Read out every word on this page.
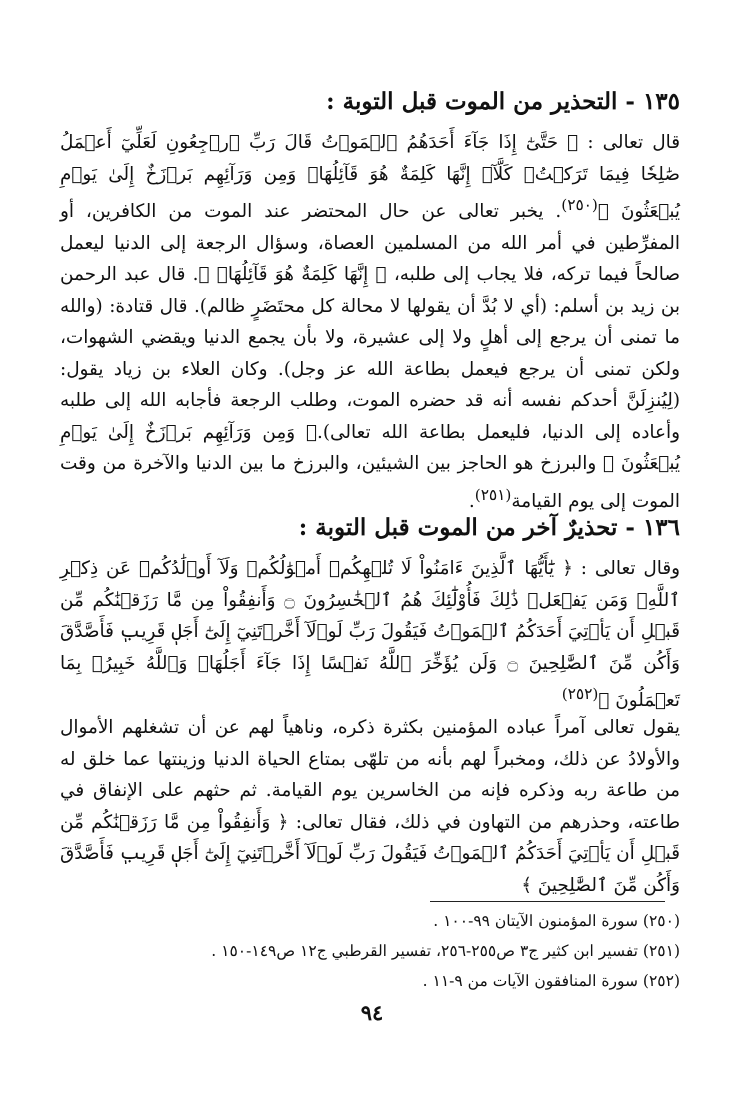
١٣٥ - التحذير من الموت قبل التوبة :

قال تعالى : ﴿ حَتَّىٰٓ إِذَا جَآءَ أَحَدَهُمُ ٱلۡمَوۡتُ قَالَ رَبِّ ٱرۡجِعُونِ لَعَلِّيٓ أَعۡمَلُ صَٰلِحٗا فِيمَا تَرَكۡتُۚ كَلَّآۚ إِنَّهَا كَلِمَةٌ هُوَ قَآئِلُهَاۖ وَمِن وَرَآئِهِم بَرۡزَخٌ إِلَىٰ يَوۡمِ يُبۡعَثُونَ ﴾$^{(٢٥٠)}$. يخبر تعالى عن حال المحتضر عند الموت من الكافرين، أو المفرِّطين في أمر الله من المسلمين العصاة، وسؤال الرجعة إلى الدنيا ليعمل صالحاً فيما تركه، فلا يجاب إلى طلبه، ﴿ إِنَّهَا كَلِمَةٌ هُوَ قَآئِلُهَاۖ ﴾. قال عبد الرحمن بن زيد بن أسلم: (أي لا بُدَّ أن يقولها لا محالة كل محتَضَرٍ ظالم). قال قتادة: (والله ما تمنى أن يرجع إلى أهلٍ ولا إلى عشيرة، ولا بأن يجمع الدنيا ويقضي الشهوات، ولكن تمنى أن يرجع فيعمل بطاعة الله عز وجل). وكان العلاء بن زياد يقول: (لِيُنزِلَنَّ أحدكم نفسه أنه قد حضره الموت، وطلب الرجعة فأجابه الله إلى طلبه وأعاده إلى الدنيا، فليعمل بطاعة الله تعالى).﴿ وَمِن وَرَآئِهِم بَرۡزَخٌ إِلَىٰ يَوۡمِ يُبۡعَثُونَ ﴾ والبرزخ هو الحاجز بين الشيئين، والبرزخ ما بين الدنيا والآخرة من وقت الموت إلى يوم القيامة$^{(٢٥١)}$.

١٣٦ - تحذيرٌ آخر من الموت قبل التوبة :

وقال تعالى : ﴿ يَٰٓأَيُّهَا ٱلَّذِينَ ءَامَنُواْ لَا تُلۡهِكُمۡ أَمۡوَٰلُكُمۡ وَلَآ أَوۡلَٰدُكُمۡ عَن ذِكۡرِ ٱللَّهِۚ وَمَن يَفۡعَلۡ ذَٰلِكَ فَأُوْلَٰٓئِكَ هُمُ ٱلۡخَٰسِرُونَ ۝ وَأَنفِقُواْ مِن مَّا رَزَقۡنَٰكُم مِّن قَبۡلِ أَن يَأۡتِيَ أَحَدَكُمُ ٱلۡمَوۡتُ فَيَقُولَ رَبِّ لَوۡلَآ أَخَّرۡتَنِيٓ إِلَىٰٓ أَجَلٖ قَرِيبٖ فَأَصَّدَّقَ وَأَكُن مِّنَ ٱلصَّٰلِحِينَ ۝ وَلَن يُؤَخِّرَ ٱللَّهُ نَفۡسًا إِذَا جَآءَ أَجَلُهَاۚ وَٱللَّهُ خَبِيرُۢ بِمَا تَعۡمَلُونَ ﴾$^{(٢٥٢)}$

يقول تعالى آمراً عباده المؤمنين بكثرة ذكره، وناهياً لهم عن أن تشغلهم الأموال والأولادُ عن ذلك، ومخبراً لهم بأنه من تلهّى بمتاع الحياة الدنيا وزينتها عما خلق له من طاعة ربه وذكره فإنه من الخاسرين يوم القيامة. ثم حثهم على الإنفاق في طاعته، وحذرهم من التهاون في ذلك، فقال تعالى: ﴿ وَأَنفِقُواْ مِن مَّا رَزَقۡنَٰكُم مِّن قَبۡلِ أَن يَأۡتِيَ أَحَدَكُمُ ٱلۡمَوۡتُ فَيَقُولَ رَبِّ لَوۡلَآ أَخَّرۡتَنِيٓ إِلَىٰٓ أَجَلٖ قَرِيبٖ فَأَصَّدَّقَ وَأَكُن مِّنَ ٱلصَّٰلِحِينَ ﴾

(٢٥٠) سورة المؤمنون الآيتان ٩٩-١٠٠ .
(٢٥١) تفسير ابن كثير ج٣ ص٢٥٥-٢٥٦، تفسير القرطبي ج١٢ ص١٤٩-١٥٠ .
(٢٥٢) سورة المنافقون الآيات من ٩-١١ .
٩٤
